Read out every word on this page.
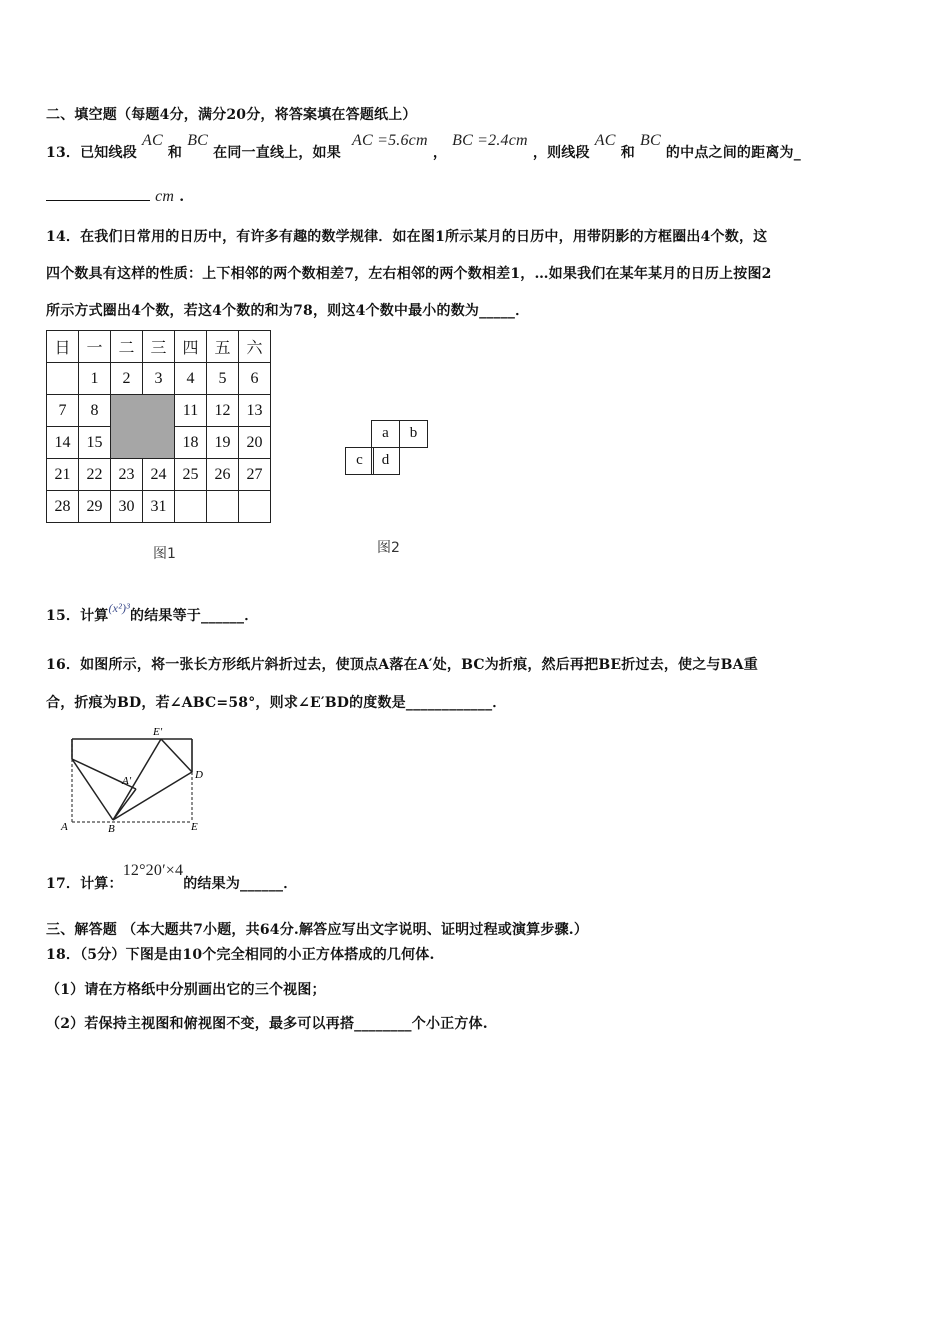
二、填空题（每题4分，满分20分，将答案填在答题纸上）
13．已知线段 AC 和 BC 在同一直线上，如果 AC =5.6cm ， BC =2.4cm ，则线段 AC 和 BC 的中点之间的距离为_
cm .
14．在我们日常用的日历中，有许多有趣的数学规律．如在图1所示某月的日历中，用带阴影的方框圈出4个数，这
四个数具有这样的性质：上下相邻的两个数相差7，左右相邻的两个数相差1，…如果我们在某年某月的日历上按图2
所示方式圈出4个数，若这4个数的和为78，则这4个数中最小的数为_____．
日	一	二	三	四	五	六
	1	2	3	4	5	6
7	8			11	12	13
14	15			18	19	20
21	22	23	24	25	26	27
28	29	30	31			
图1
a	b
c	d
图2
15．计算(x²)³的结果等于______．
16．如图所示，将一张长方形纸片斜折过去，使顶点A落在A′处，BC为折痕，然后再把BE折过去，使之与BA重
合，折痕为BD，若∠ABC=58°，则求∠E′BD的度数是____________．
E′
A′	D
A	B	E
17．计算：12°20′×4的结果为______．
三、解答题 （本大题共7小题，共64分.解答应写出文字说明、证明过程或演算步骤.）
18．（5分）下图是由10个完全相同的小正方体搭成的几何体.
（1）请在方格纸中分别画出它的三个视图；
（2）若保持主视图和俯视图不变，最多可以再搭________个小正方体.
